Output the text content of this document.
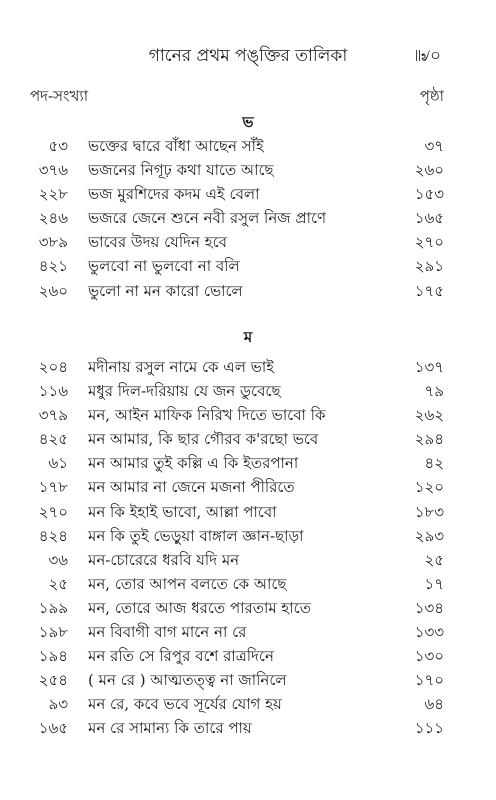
গানের প্রথম পঙ্‌ক্তির তালিকা	৷৷৶০
পদ-সংখ্যা	পৃষ্ঠা
ভ
৫৩ ভক্তের দ্বারে বাঁধা আছেন সাঁই	৩৭
৩৭৬ ভজনের নিগূঢ় কথা যাতে আছে	২৬০
২২৮ ভজ মুরশিদের কদম এই বেলা	১৫৩
২৪৬ ভজরে জেনে শুনে নবী রসুল নিজ প্রাণে	১৬৫
৩৮৯ ভাবের উদয় যেদিন হবে	২৭০
৪২১ ভুলবো না ভুলবো না বলি	২৯১
২৬০ ভুলো না মন কারো ভোলে	১৭৫
ম
২০৪ মদীনায় রসুল নামে কে এল ভাই	১৩৭
১১৬ মধুর দিল-দরিয়ায় যে জন ডুবেছে	৭৯
৩৭৯ মন, আইন মাফিক নিরিখ দিতে ভাবো কি	২৬২
৪২৫ মন আমার, কি ছার গৌরব ক'রছো ভবে	২৯৪
৬১ মন আমার তুই কল্লি এ কি ইতরপানা	৪২
১৭৮ মন আমার না জেনে মজনা পীরিতে	১২০
২৭০ মন কি ইহাই ভাবো, আল্লা পাবো	১৮৩
৪২৪ মন কি তুই ভেড়ুয়া বাঙ্গাল জ্ঞান-ছাড়া	২৯৩
৩৬ মন-চোরেরে ধরবি যদি মন	২৫
২৫ মন, তোর আপন বলতে কে আছে	১৭
১৯৯ মন, তোরে আজ ধরতে পারতাম হাতে	১৩৪
১৯৮ মন বিবাগী বাগ মানে না রে	১৩৩
১৯৪ মন রতি সে রিপুর বশে রাত্রদিনে	১৩০
২৫৪ ( মন রে ) আত্মতত্ত্ব না জানিলে	১৭০
৯৩ মন রে, কবে ভবে সূর্যের যোগ হয়	৬৪
১৬৫ মন রে সামান্য কি তারে পায়	১১১
